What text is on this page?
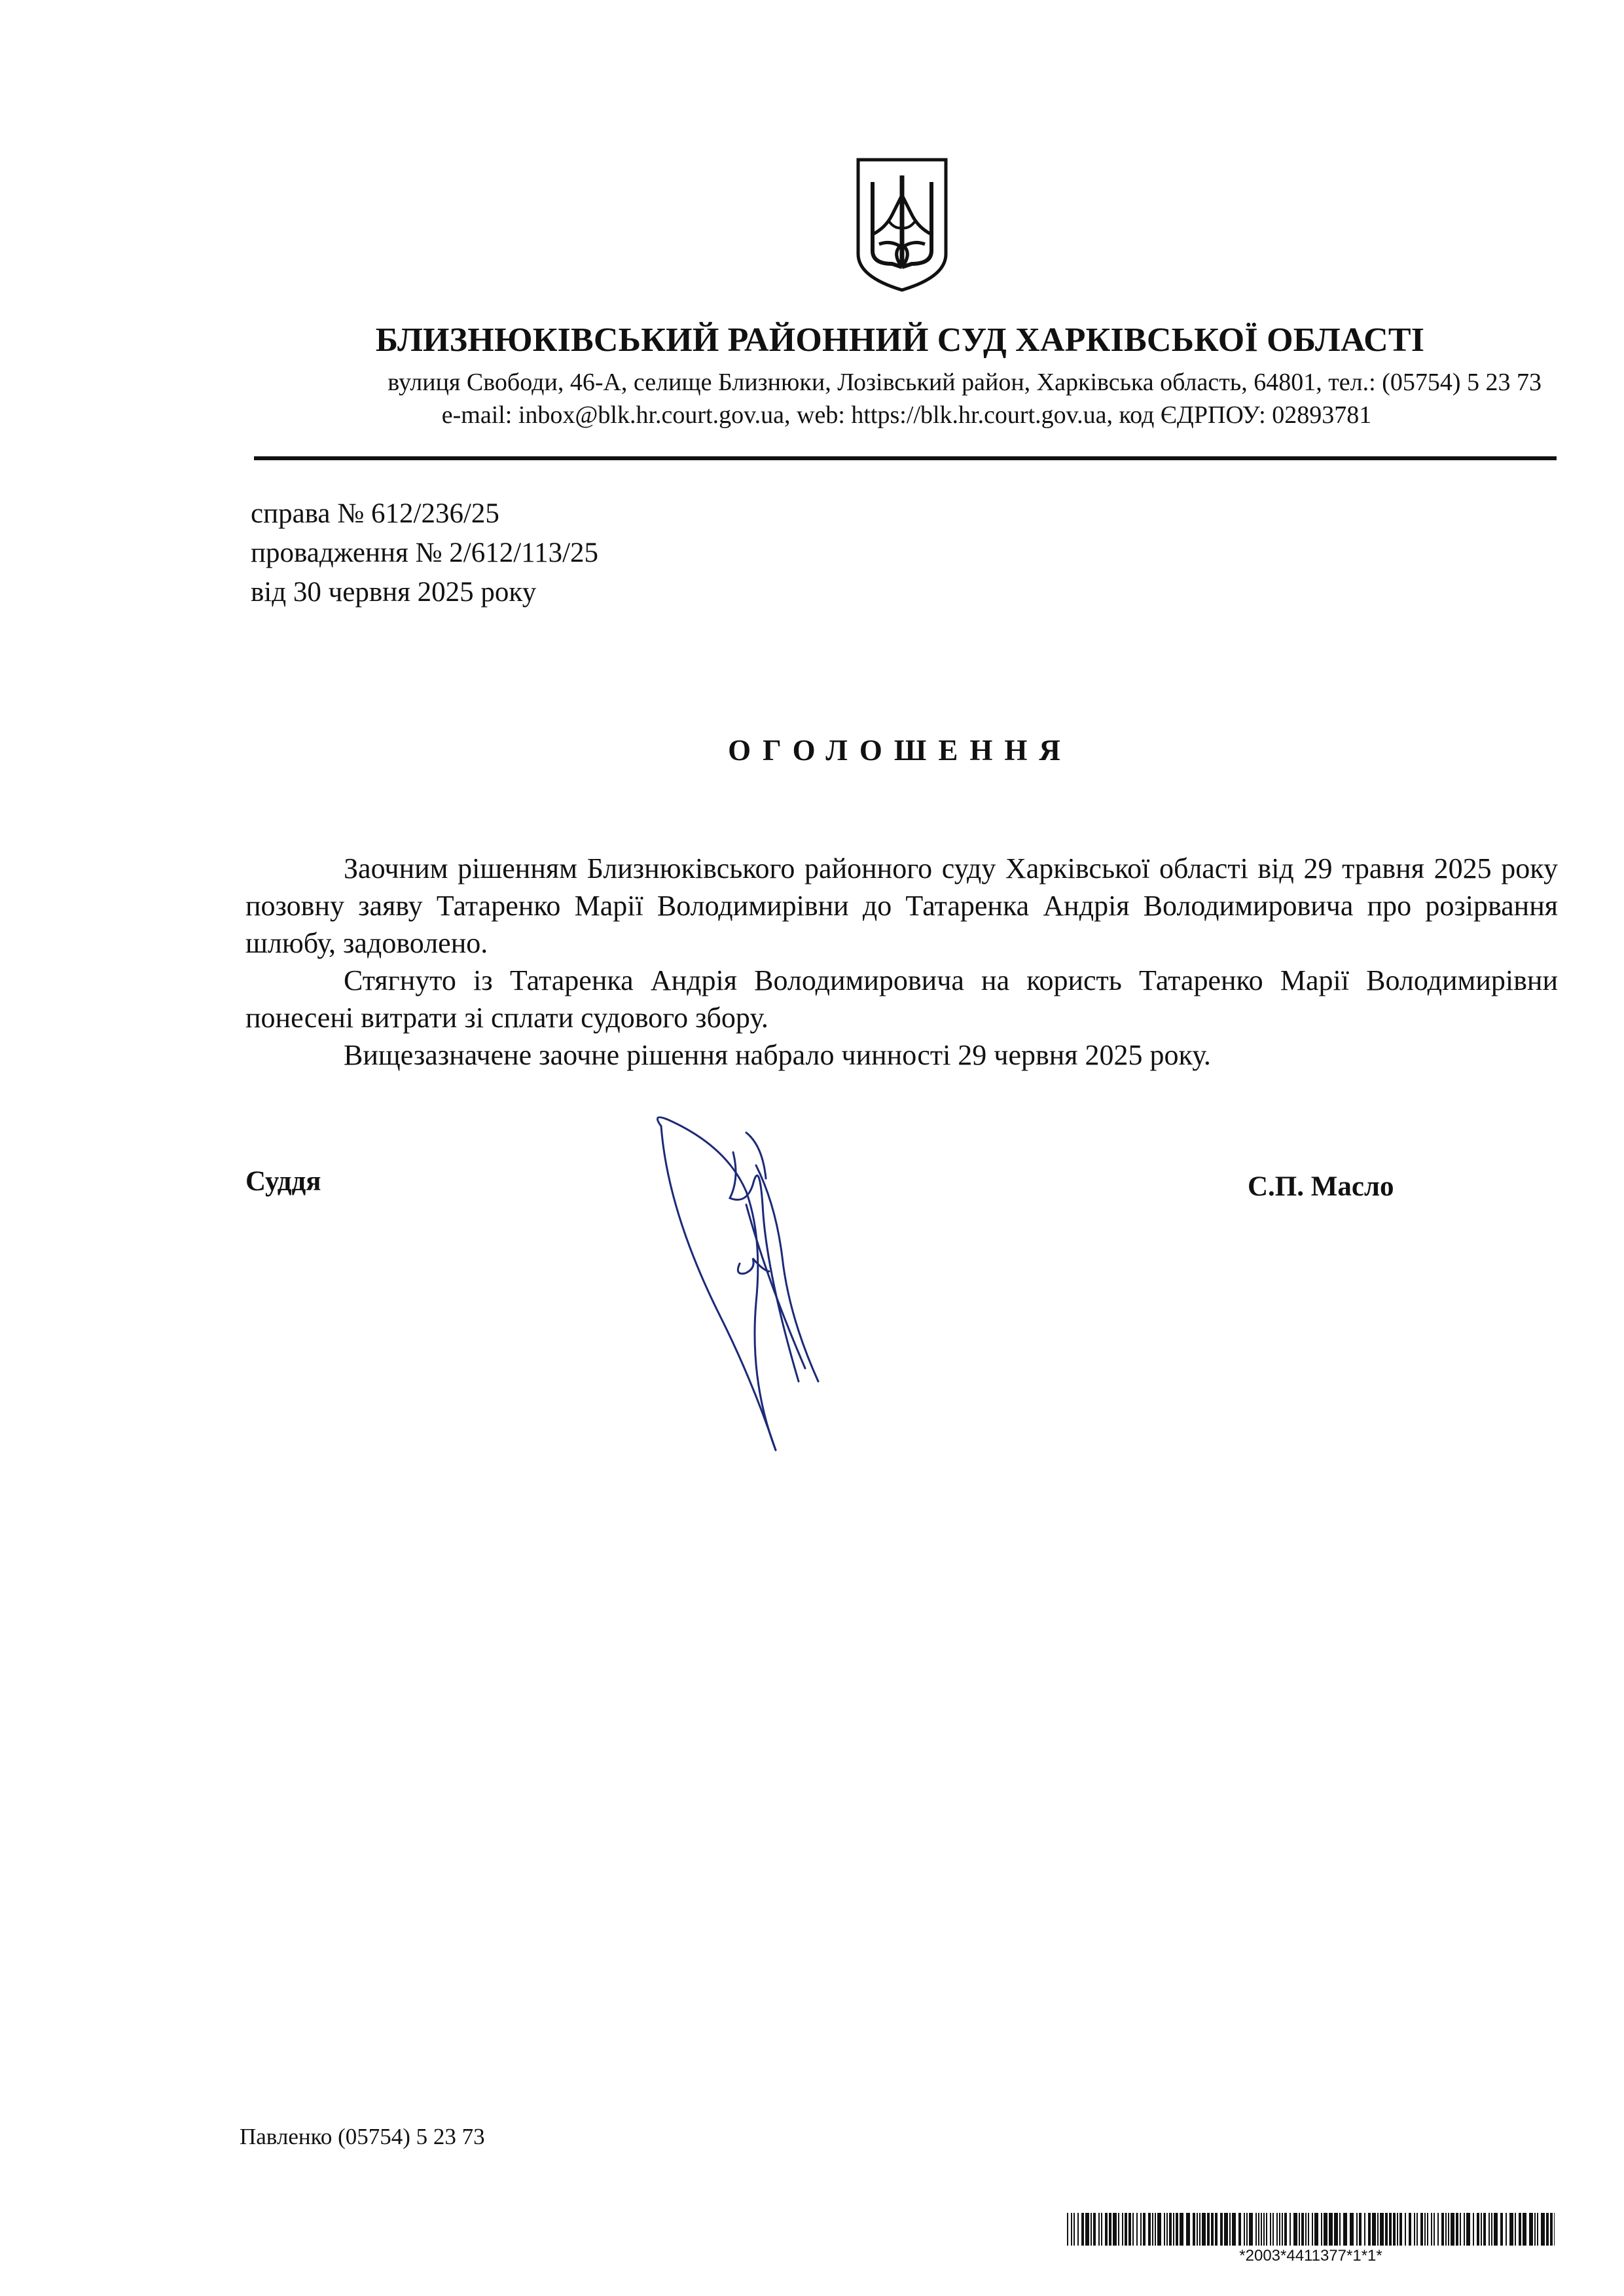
БЛИЗНЮКІВСЬКИЙ РАЙОННИЙ СУД ХАРКІВСЬКОЇ ОБЛАСТІ
вулиця Свободи, 46-А, селище Близнюки, Лозівський район, Харківська область, 64801, тел.: (05754) 5 23 73
e-mail: inbox@blk.hr.court.gov.ua, web: https://blk.hr.court.gov.ua, код ЄДРПОУ: 02893781
справа № 612/236/25
провадження № 2/612/113/25
від 30 червня 2025 року
ОГОЛОШЕННЯ

Заочним рішенням Близнюківського районного суду Харківської області від 29 травня 2025 року позовну заяву Татаренко Марії Володимирівни до Татаренка Андрія Володимировича про розірвання шлюбу, задоволено.

Стягнуто із Татаренка Андрія Володимировича на користь Татаренко Марії Володимирівни понесені витрати зі сплати судового збору.

Вищезазначене заочне рішення набрало чинності 29 червня 2025 року.

Суддя	С.П. Масло
Павленко (05754) 5 23 73
*2003*4411377*1*1*
